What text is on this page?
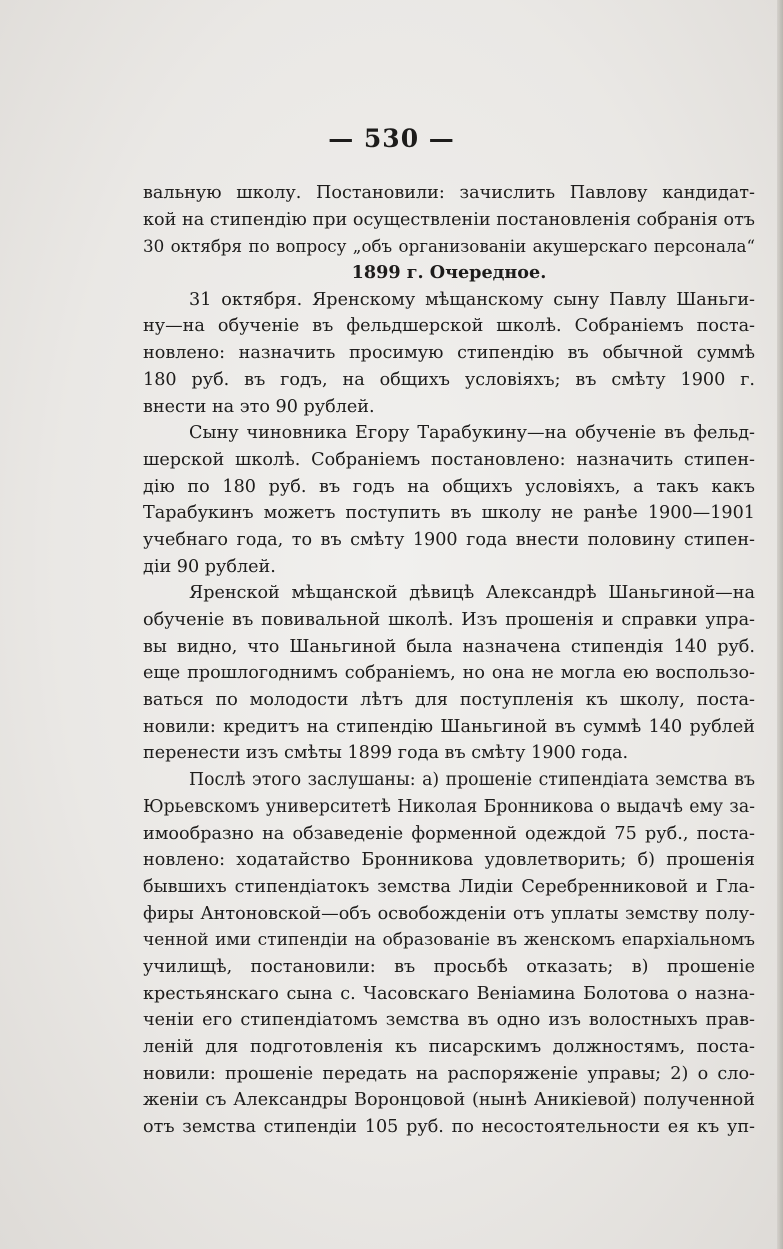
— 530 —
вальную школу. Постановили: зачислить Павлову кандидат-
кой на стипендію при осуществленіи постановленія собранія отъ
30 октября по вопросу „объ организованіи акушерскаго персонала“
1899 г. Очередное.
31 октября. Яренскому мѣщанскому сыну Павлу Шаньги-
ну—на обученіе въ фельдшерской школѣ. Собраніемъ поста-
новлено: назначить просимую стипендію въ обычной суммѣ
180 руб. въ годъ, на общихъ условіяхъ; въ смѣту 1900 г.
внести на это 90 рублей.
Сыну чиновника Егору Тарабукину—на обученіе въ фельд-
шерской школѣ. Собраніемъ постановлено: назначить стипен-
дію по 180 руб. въ годъ на общихъ условіяхъ, а такъ какъ
Тарабукинъ можетъ поступить въ школу не ранѣе 1900—1901
учебнаго года, то въ смѣту 1900 года внести половину стипен-
діи 90 рублей.
Яренской мѣщанской дѣвицѣ Александрѣ Шаньгиной—на
обученіе въ повивальной школѣ. Изъ прошенія и справки упра-
вы видно, что Шаньгиной была назначена стипендія 140 руб.
еще прошлогоднимъ собраніемъ, но она не могла ею воспользо-
ваться по молодости лѣтъ для поступленія къ школу, поста-
новили: кредитъ на стипендію Шаньгиной въ суммѣ 140 рублей
перенести изъ смѣты 1899 года въ смѣту 1900 года.
Послѣ этого заслушаны: а) прошеніе стипендіата земства въ
Юрьевскомъ университетѣ Николая Бронникова о выдачѣ ему за-
имообразно на обзаведеніе форменной одеждой 75 руб., поста-
новлено: ходатайство Бронникова удовлетворить; б) прошенія
бывшихъ стипендіатокъ земства Лидіи Серебренниковой и Гла-
фиры Антоновской—объ освобожденіи отъ уплаты земству полу-
ченной ими стипендіи на образованіе въ женскомъ епархіальномъ
училищѣ, постановили: въ просьбѣ отказать; в) прошеніе
крестьянскаго сына с. Часовскаго Веніамина Болотова о назна-
ченіи его стипендіатомъ земства въ одно изъ волостныхъ прав-
леній для подготовленія къ писарскимъ должностямъ, поста-
новили: прошеніе передать на распоряженіе управы; 2) о сло-
женіи съ Александры Воронцовой (нынѣ Аникіевой) полученной
отъ земства стипендіи 105 руб. по несостоятельности ея къ уп-
